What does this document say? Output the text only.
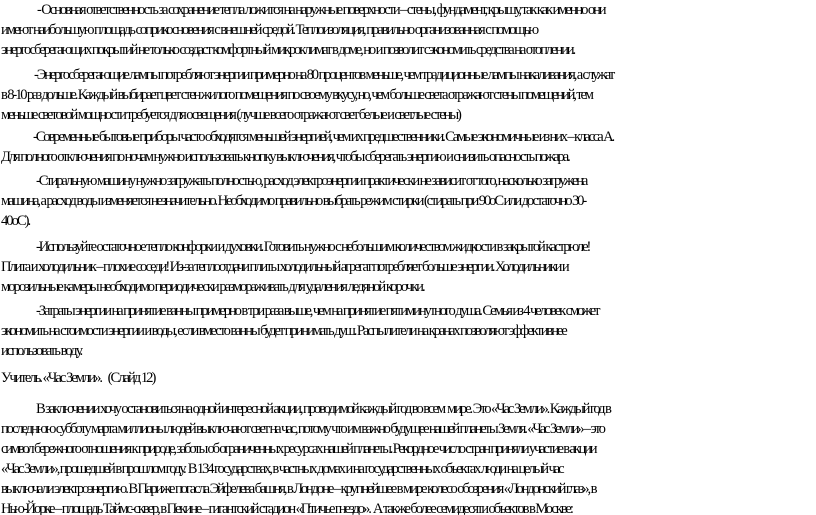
- Основная ответственность за сохранение тепла ложится на наружные поверхности – стены, фундамент, крышу, так как именно они
имеют наибольшую площадь соприкосновения с внешней средой. Теплоизоляция, правильно организованная с помощью
энергосберегающих покрытий не только создаст комфортный микроклимат в доме, но и позволит сэкономить средства на отоплении.
-Энергосберегающие лампы потребляют энергии примерно на 80 процентов меньше, чем традиционные лампы накаливания, а служат
в 8-10 раз дольше. Каждый выбирает цвет стен жилого помещения по своему вкусу, но, чем больше света отражают стены помещений, тем
меньше световой мощности требуется для освещения (лучше всего отражают свет белые и светлые стены)
-Современные бытовые приборы часто обходятся меньшей энергией, чем их предшественники. Самые экономичные из них – класса А.
Для полного отключения по ночам нужно использовать кнопку выключения, чтобы сберегать энергию и снизить опасность пожара.
-Стиральную машину нужно загружать полностью, расход электроэнергии практически не зависит от того, насколько загружена
машина, а расход воды изменяется незначительно. Необходимо правильно выбрать режим стирки (стирать при 90оС или достаточно 30-
40оС).
-Используйте остаточное тепло конфорки и духовки. Готовить нужно с небольшим количеством жидкости в закрытой кастрюле!
Плита и холодильник – плохие соседи! Из-за теплоотдачи плиты холодильный агрегат потребляет больше энергии. Холодильники и
морозильные камеры необходимо периодически размораживать для удаления ледяной корочки.
-Затраты энергии на принятие ванны примерно в три раза выше, чем на принятие пятиминутного душа. Семья из 4 человек сможет
экономить на стоимости энергии и воды, если вместо ванны будет принимать душ. Распылители на кранах позволяют эффективнее
использовать воду.
Учитель. «Час Земли».    (Слайд 12)
В заключении хочу остановиться на одной интересной акции, проводимой каждый год во всем  мире. Это «Час Земли». Каждый год в
последнюю субботу марта миллионы людей выключают свет на час, потому что им важно будущее нашей планеты Земля. «Час Земли» – это
символ бережного отношения к природе, заботы об ограниченных ресурсах нашей планеты. Рекордное число стран приняли участие в акции
«Час Земли», прошедшей в прошлом году.  В 134 государствах, в частных домах и на государственных объектах люди на целый час
выключали электроэнергию. В Париже погасла Эйфелева башня, в Лондоне – крупнейшее в мире колесо обозрения «Лондонский глаз», в
Нью-Йорке – площадь Таймс-сквер, в Пекине – гигантский стадион «Птичье гнездо».  А также более семидесяти объектов в Москве:
